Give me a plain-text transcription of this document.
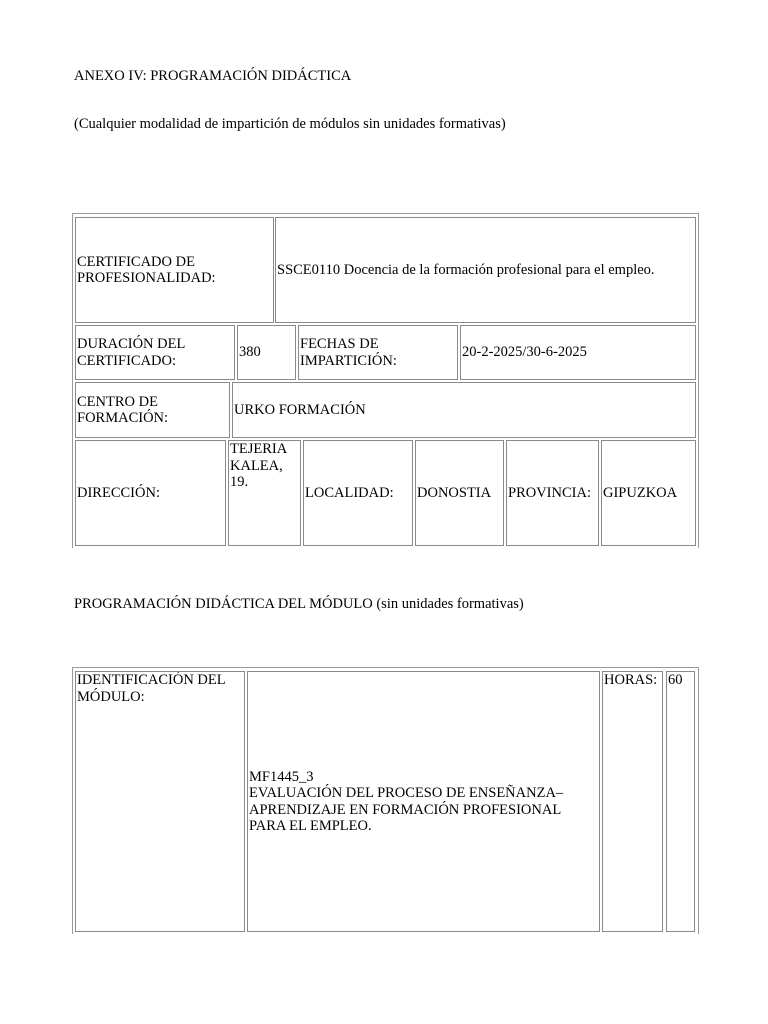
ANEXO IV: PROGRAMACIÓN DIDÁCTICA
(Cualquier modalidad de impartición de módulos sin unidades formativas)
CERTIFICADO DE
PROFESIONALIDAD:
SSCE0110 Docencia de la formación profesional para el empleo.
DURACIÓN DEL
CERTIFICADO:
380
FECHAS DE
IMPARTICIÓN:
20-2-2025/30-6-2025
CENTRO DE
FORMACIÓN:
URKO FORMACIÓN
DIRECCIÓN:
TEJERIA
KALEA,
19.
LOCALIDAD:	DONOSTIA	PROVINCIA: GIPUZKOA
PROGRAMACIÓN DIDÁCTICA DEL MÓDULO (sin unidades formativas)
IDENTIFICACIÓN DEL
MÓDULO:
MF1445_3
EVALUACIÓN DEL PROCESO DE ENSEÑANZA–
APRENDIZAJE EN FORMACIÓN PROFESIONAL
PARA EL EMPLEO.
HORAS: 60
